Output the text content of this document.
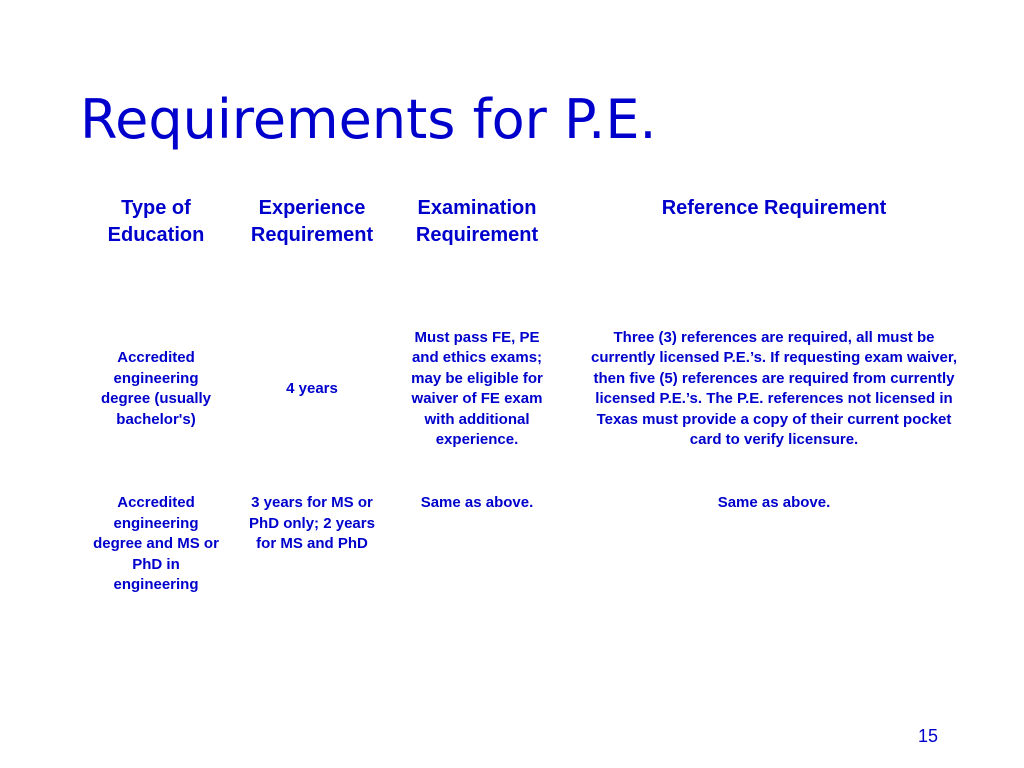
Requirements for P.E.
Type of Education	Experience Requirement	Examination Requirement	Reference Requirement
Accredited engineering degree (usually bachelor's)	4 years	Must pass FE, PE and ethics exams; may be eligible for waiver of FE exam with additional experience.	Three (3) references are required, all must be currently licensed P.E.’s. If requesting exam waiver, then five (5) references are required from currently licensed P.E.’s. The P.E. references not licensed in Texas must provide a copy of their current pocket card to verify licensure.
Accredited engineering degree and MS or PhD in engineering	3 years for MS or PhD only; 2 years for MS and PhD	Same as above.	Same as above.
15
